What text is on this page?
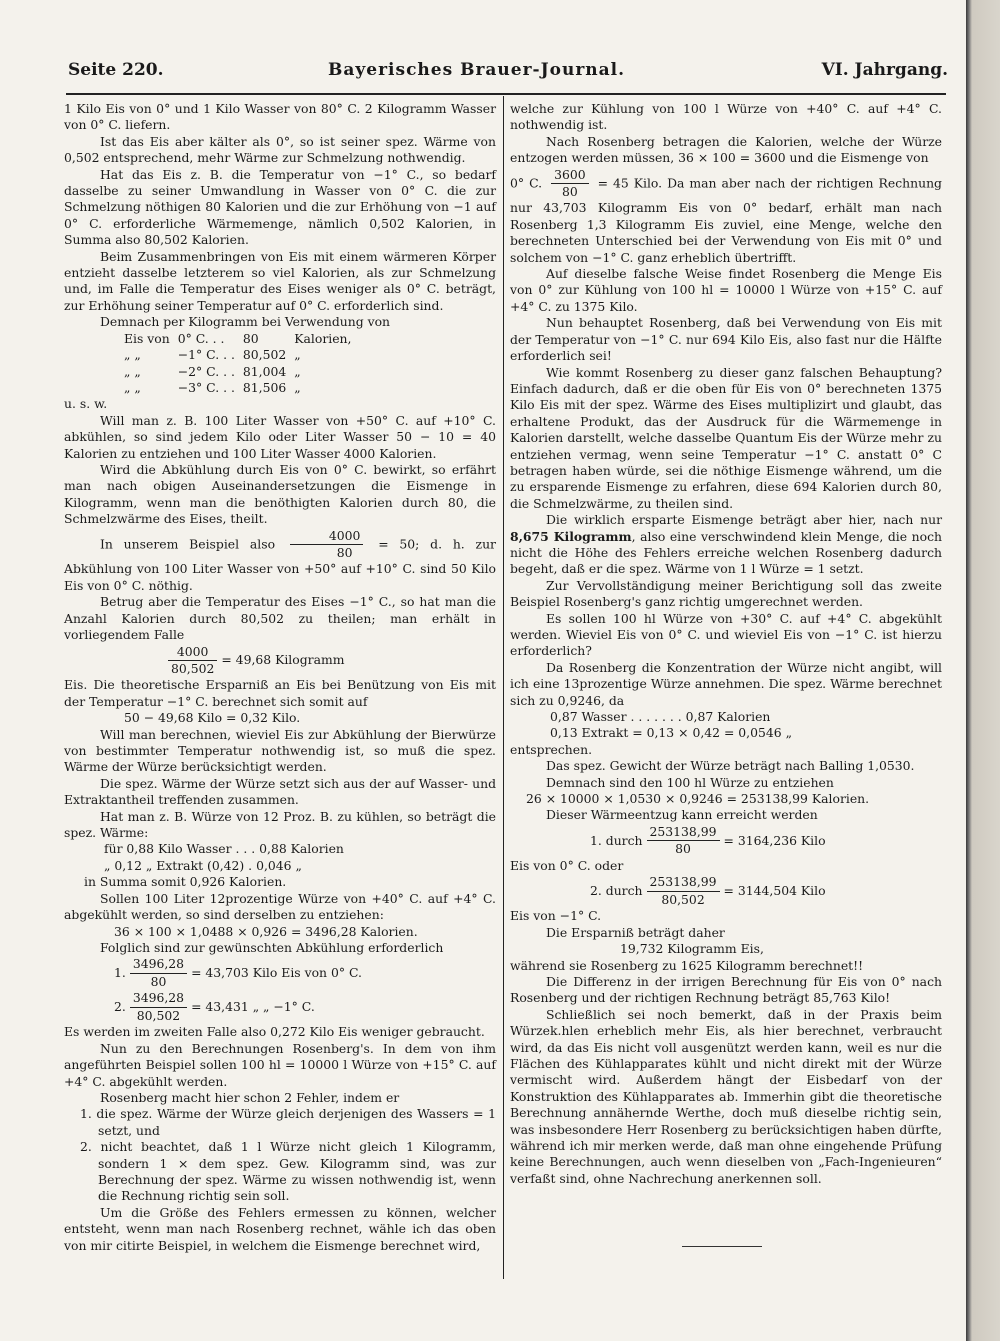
Seite 220.	Bayerisches Brauer-Journal.	VI. Jahrgang.

1 Kilo Eis von 0° und 1 Kilo Wasser von 80° C. 2 Kilogramm Wasser von 0° C. liefern.

Ist das Eis aber kälter als 0°, so ist seiner spez. Wärme von 0,502 entsprechend, mehr Wärme zur Schmelzung nothwendig.

Hat das Eis z. B. die Temperatur von −1° C., so bedarf dasselbe zu seiner Umwandlung in Wasser von 0° C. die zur Schmelzung nöthigen 80 Kalorien und die zur Erhöhung von −1 auf 0° C. erforderliche Wärmemenge, nämlich 0,502 Kalorien, in Summa also 80,502 Kalorien.

Beim Zusammenbringen von Eis mit einem wärmeren Körper entzieht dasselbe letzterem so viel Kalorien, als zur Schmelzung und, im Falle die Temperatur des Eises weniger als 0° C. beträgt, zur Erhöhung seiner Temperatur auf 0° C. erforderlich sind.

Demnach per Kilogramm bei Verwendung von

Eis von	0° C. . .	80	Kalorien,
„ „	−1° C. . .	80,502	„
„ „	−2° C. . .	81,004	„
„ „	−3° C. . .	81,506	„

u. s. w.

Will man z. B. 100 Liter Wasser von +50° C. auf +10° C. abkühlen, so sind jedem Kilo oder Liter Wasser 50 − 10 = 40 Kalorien zu entziehen und 100 Liter Wasser 4000 Kalorien.

Wird die Abkühlung durch Eis von 0° C. bewirkt, so erfährt man nach obigen Auseinandersetzungen die Eismenge in Kilogramm, wenn man die benöthigten Kalorien durch 80, die Schmelzwärme des Eises, theilt.

In unserem Beispiel also $\frac{4000}{80} = 50$; d. h. zur Abkühlung von 100 Liter Wasser von +50° auf +10° C. sind 50 Kilo Eis von 0° C. nöthig.

Betrug aber die Temperatur des Eises −1° C., so hat man die Anzahl Kalorien durch 80,502 zu theilen; man erhält in vorliegendem Falle

$\frac{4000}{80,502} = 49,68$ Kilogramm

Eis. Die theoretische Ersparniß an Eis bei Benützung von Eis mit der Temperatur −1° C. berechnet sich somit auf

50 − 49,68 Kilo = 0,32 Kilo.

Will man berechnen, wieviel Eis zur Abkühlung der Bierwürze von bestimmter Temperatur nothwendig ist, so muß die spez. Wärme der Würze berücksichtigt werden.

Die spez. Wärme der Würze setzt sich aus der auf Wasser- und Extraktantheil treffenden zusammen.

Hat man z. B. Würze von 12 Proz. B. zu kühlen, so beträgt die spez. Wärme:

für 0,88 Kilo Wasser . . . 0,88 Kalorien

„ 0,12 „ Extrakt (0,42) . 0,046 „

in Summa somit 0,926 Kalorien.

Sollen 100 Liter 12prozentige Würze von +40° C. auf +4° C. abgekühlt werden, so sind derselben zu entziehen:

36 × 100 × 1,0488 × 0,926 = 3496,28 Kalorien.

Folglich sind zur gewünschten Abkühlung erforderlich

1. $\frac{3496,28}{80} = 43,703$ Kilo Eis von 0° C.
2. $\frac{3496,28}{80,502} = 43,431$ „ „ −1° C.

Es werden im zweiten Falle also 0,272 Kilo Eis weniger gebraucht.

Nun zu den Berechnungen Rosenberg's. In dem von ihm angeführten Beispiel sollen 100 hl = 10000 l Würze von +15° C. auf +4° C. abgekühlt werden.

Rosenberg macht hier schon 2 Fehler, indem er

1. die spez. Wärme der Würze gleich derjenigen des Wassers = 1 setzt, und

2. nicht beachtet, daß 1 l Würze nicht gleich 1 Kilogramm, sondern 1 × dem spez. Gew. Kilogramm sind, was zur Berechnung der spez. Wärme zu wissen nothwendig ist, wenn die Rechnung richtig sein soll.

Um die Größe des Fehlers ermessen zu können, welcher entsteht, wenn man nach Rosenberg rechnet, wähle ich das oben von mir citirte Beispiel, in welchem die Eismenge berechnet wird,

welche zur Kühlung von 100 l Würze von +40° C. auf +4° C. nothwendig ist.

Nach Rosenberg betragen die Kalorien, welche der Würze entzogen werden müssen, 36 × 100 = 3600 und die Eismenge von

0° C. $\frac{3600}{80} = 45$ Kilo. Da man aber nach der richtigen Rechnung nur 43,703 Kilogramm Eis von 0° bedarf, erhält man nach Rosenberg 1,3 Kilogramm Eis zuviel, eine Menge, welche den berechneten Unterschied bei der Verwendung von Eis mit 0° und solchem von −1° C. ganz erheblich übertrifft.

Auf dieselbe falsche Weise findet Rosenberg die Menge Eis von 0° zur Kühlung von 100 hl = 10000 l Würze von +15° C. auf +4° C. zu 1375 Kilo.

Nun behauptet Rosenberg, daß bei Verwendung von Eis mit der Temperatur von −1° C. nur 694 Kilo Eis, also fast nur die Hälfte erforderlich sei!

Wie kommt Rosenberg zu dieser ganz falschen Behauptung? Einfach dadurch, daß er die oben für Eis von 0° berechneten 1375 Kilo Eis mit der spez. Wärme des Eises multiplizirt und glaubt, das erhaltene Produkt, das der Ausdruck für die Wärmemenge in Kalorien darstellt, welche dasselbe Quantum Eis der Würze mehr zu entziehen vermag, wenn seine Temperatur −1° C. anstatt 0° C betragen haben würde, sei die nöthige Eismenge während, um die zu ersparende Eismenge zu erfahren, diese 694 Kalorien durch 80, die Schmelzwärme, zu theilen sind.

Die wirklich ersparte Eismenge beträgt aber hier, nach nur 8,675 Kilogramm, also eine verschwindend klein Menge, die noch nicht die Höhe des Fehlers erreiche welchen Rosenberg dadurch begeht, daß er die spez. Wärme von 1 l Würze = 1 setzt.

Zur Vervollständigung meiner Berichtigung soll das zweite Beispiel Rosenberg's ganz richtig umgerechnet werden.

Es sollen 100 hl Würze von +30° C. auf +4° C. abgekühlt werden. Wieviel Eis von 0° C. und wieviel Eis von −1° C. ist hierzu erforderlich?

Da Rosenberg die Konzentration der Würze nicht angibt, will ich eine 13prozentige Würze annehmen. Die spez. Wärme berechnet sich zu 0,9246, da

0,87 Wasser . . . . . . . 0,87 Kalorien

0,13 Extrakt = 0,13 × 0,42 = 0,0546 „

entsprechen.

Das spez. Gewicht der Würze beträgt nach Balling 1,0530.

Demnach sind den 100 hl Würze zu entziehen

26 × 10000 × 1,0530 × 0,9246 = 253138,99 Kalorien.

Dieser Wärmeentzug kann erreicht werden

1. durch $\frac{253138,99}{80} = 3164,236$ Kilo

Eis von 0° C. oder

2. durch $\frac{253138,99}{80,502} = 3144,504$ Kilo

Eis von −1° C.

Die Ersparniß beträgt daher

19,732 Kilogramm Eis,

während sie Rosenberg zu 1625 Kilogramm berechnet!!

Die Differenz in der irrigen Berechnung für Eis von 0° nach Rosenberg und der richtigen Rechnung beträgt 85,763 Kilo!

Schließlich sei noch bemerkt, daß in der Praxis beim Würzek.hlen erheblich mehr Eis, als hier berechnet, verbraucht wird, da das Eis nicht voll ausgenützt werden kann, weil es nur die Flächen des Kühlapparates kühlt und nicht direkt mit der Würze vermischt wird. Außerdem hängt der Eisbedarf von der Konstruktion des Kühlapparates ab. Immerhin gibt die theoretische Berechnung annähernde Werthe, doch muß dieselbe richtig sein, was insbesondere Herr Rosenberg zu berücksichtigen haben dürfte, während ich mir merken werde, daß man ohne eingehende Prüfung keine Berechnungen, auch wenn dieselben von „Fach-Ingenieuren“ verfaßt sind, ohne Nachrechung anerkennen soll.
